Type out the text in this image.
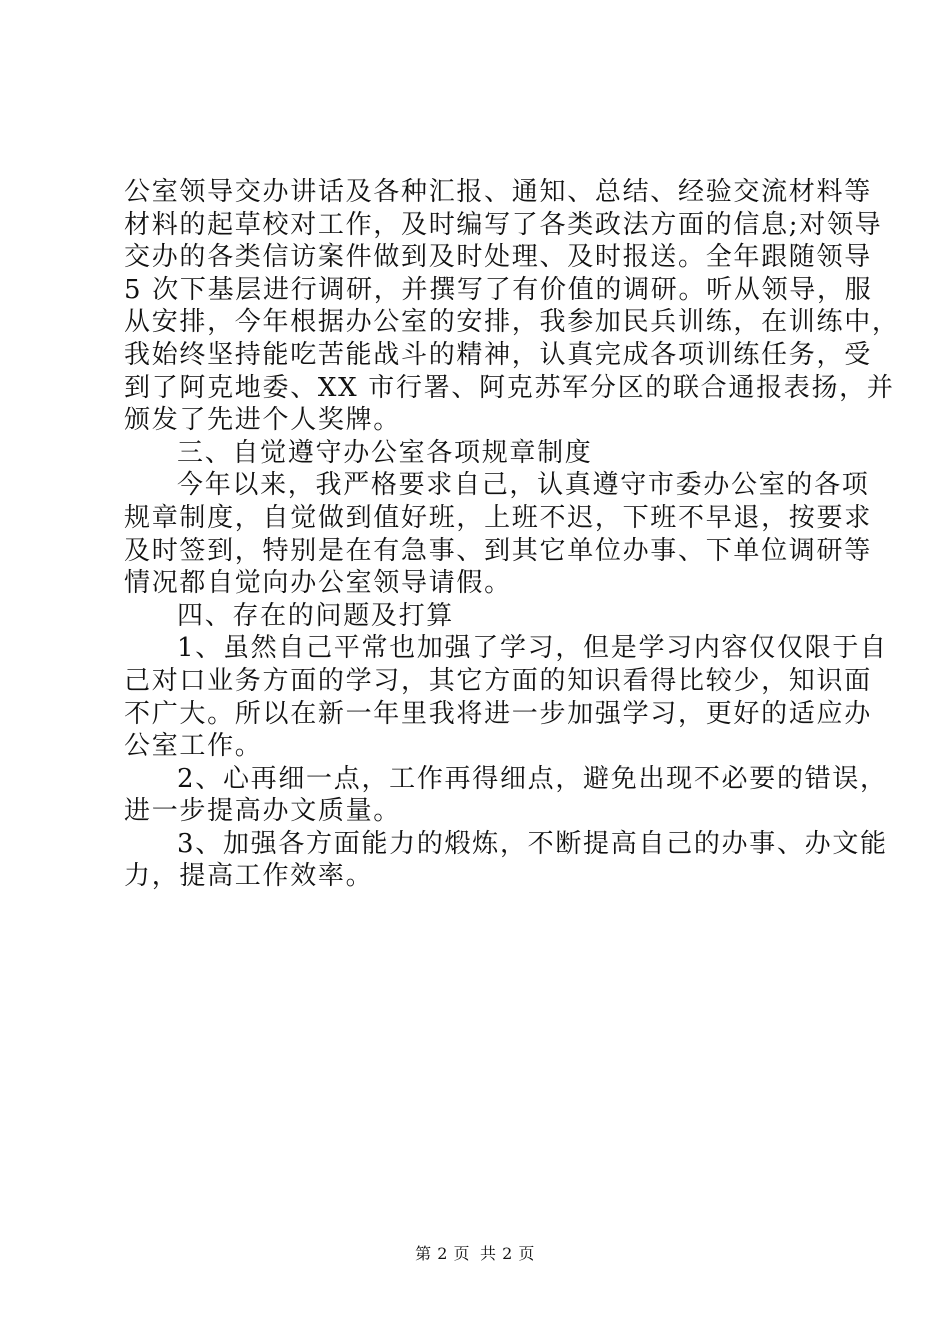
公室领导交办讲话及各种汇报、通知、总结、经验交流材料等
材料的起草校对工作，及时编写了各类政法方面的信息;对领导
交办的各类信访案件做到及时处理、及时报送。全年跟随领导
5 次下基层进行调研，并撰写了有价值的调研。听从领导，服
从安排，今年根据办公室的安排，我参加民兵训练，在训练中，
我始终坚持能吃苦能战斗的精神，认真完成各项训练任务，受
到了阿克地委、XX 市行署、阿克苏军分区的联合通报表扬，并
颁发了先进个人奖牌。
三、自觉遵守办公室各项规章制度
今年以来，我严格要求自己，认真遵守市委办公室的各项
规章制度，自觉做到值好班，上班不迟，下班不早退，按要求
及时签到，特别是在有急事、到其它单位办事、下单位调研等
情况都自觉向办公室领导请假。
四、存在的问题及打算
1、虽然自己平常也加强了学习，但是学习内容仅仅限于自
己对口业务方面的学习，其它方面的知识看得比较少，知识面
不广大。所以在新一年里我将进一步加强学习，更好的适应办
公室工作。
2、心再细一点，工作再得细点，避免出现不必要的错误，
进一步提高办文质量。
3、加强各方面能力的煅炼，不断提高自己的办事、办文能
力，提高工作效率。
第 2 页 共 2 页
